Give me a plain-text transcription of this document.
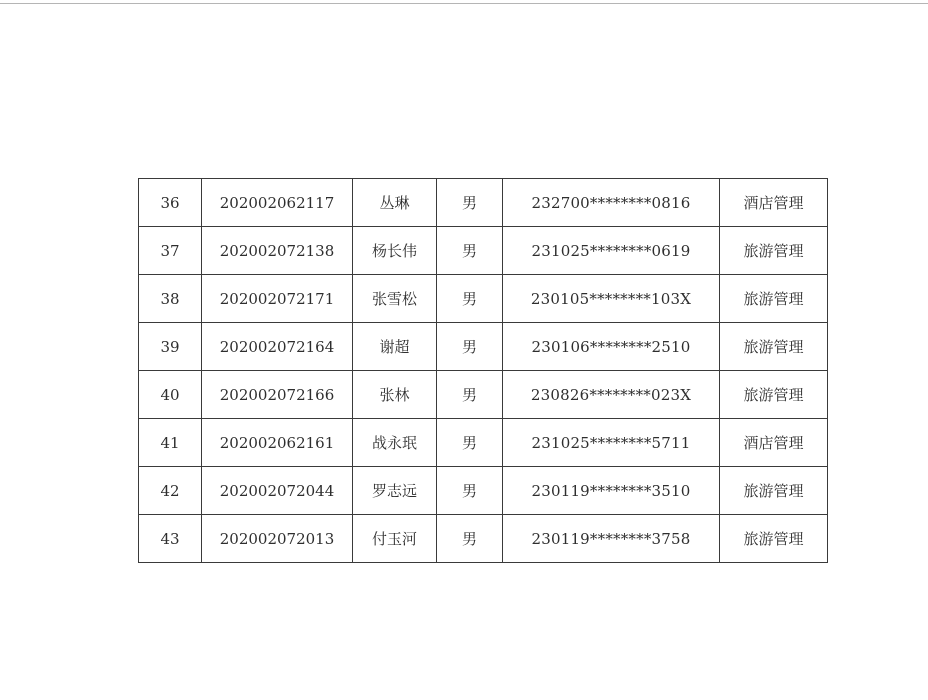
36	202002062117	丛琳	男	232700********0816	酒店管理
37	202002072138	杨长伟	男	231025********0619	旅游管理
38	202002072171	张雪松	男	230105********103X	旅游管理
39	202002072164	谢超	男	230106********2510	旅游管理
40	202002072166	张林	男	230826********023X	旅游管理
41	202002062161	战永珉	男	231025********5711	酒店管理
42	202002072044	罗志远	男	230119********3510	旅游管理
43	202002072013	付玉河	男	230119********3758	旅游管理
